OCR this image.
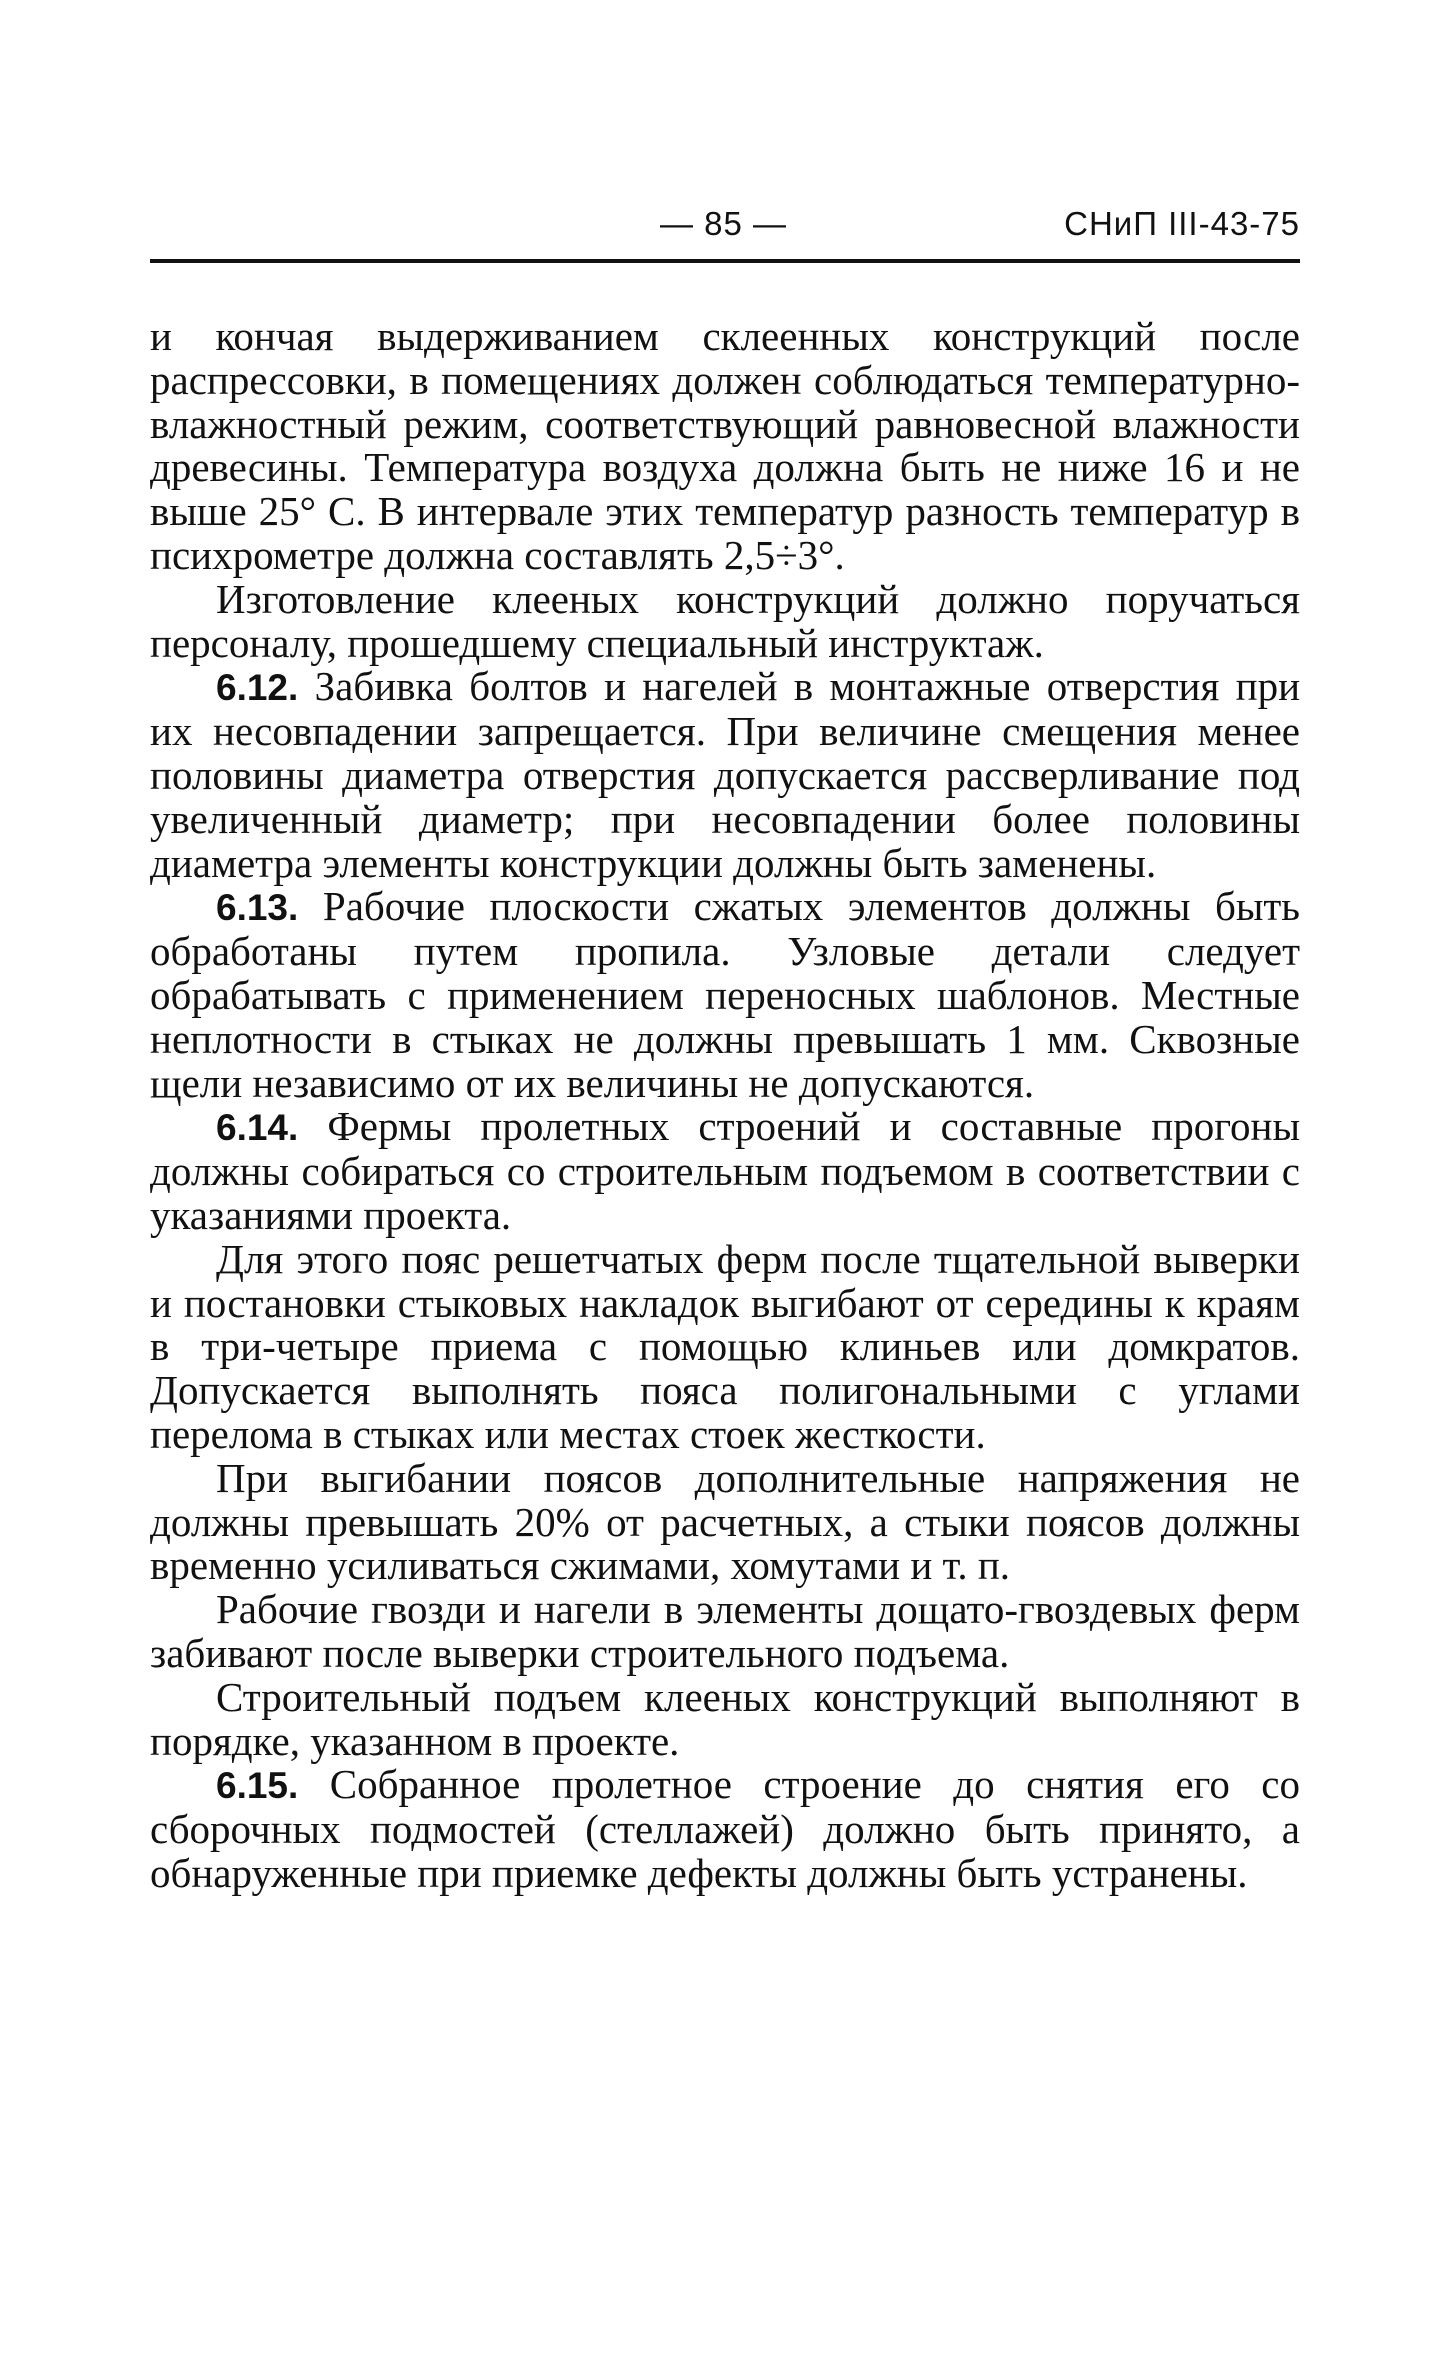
— 85 —	СНиП III-43-75

и кончая выдерживанием склеенных конструкций после распрессовки, в помещениях должен соблюдаться температурно-влажностный режим, соответствующий равновесной влажности древесины. Температура воздуха должна быть не ниже 16 и не выше 25° С. В интервале этих температур разность температур в психрометре должна составлять 2,5÷3°.

Изготовление клееных конструкций должно поручаться персоналу, прошедшему специальный инструктаж.

6.12. Забивка болтов и нагелей в монтажные отверстия при их несовпадении запрещается. При величине смещения менее половины диаметра отверстия допускается рассверливание под увеличенный диаметр; при несовпадении более половины диаметра элементы конструкции должны быть заменены.

6.13. Рабочие плоскости сжатых элементов должны быть обработаны путем пропила. Узловые детали следует обрабатывать с применением переносных шаблонов. Местные неплотности в стыках не должны превышать 1 мм. Сквозные щели независимо от их величины не допускаются.

6.14. Фермы пролетных строений и составные прогоны должны собираться со строительным подъемом в соответствии с указаниями проекта.

Для этого пояс решетчатых ферм после тщательной выверки и постановки стыковых накладок выгибают от середины к краям в три-четыре приема с помощью клиньев или домкратов. Допускается выполнять пояса полигональными с углами перелома в стыках или местах стоек жесткости.

При выгибании поясов дополнительные напряжения не должны превышать 20% от расчетных, а стыки поясов должны временно усиливаться сжимами, хомутами и т. п.

Рабочие гвозди и нагели в элементы дощато-гвоздевых ферм забивают после выверки строительного подъема.

Строительный подъем клееных конструкций выполняют в порядке, указанном в проекте.

6.15. Собранное пролетное строение до снятия его со сборочных подмостей (стеллажей) должно быть принято, а обнаруженные при приемке дефекты должны быть устранены.
